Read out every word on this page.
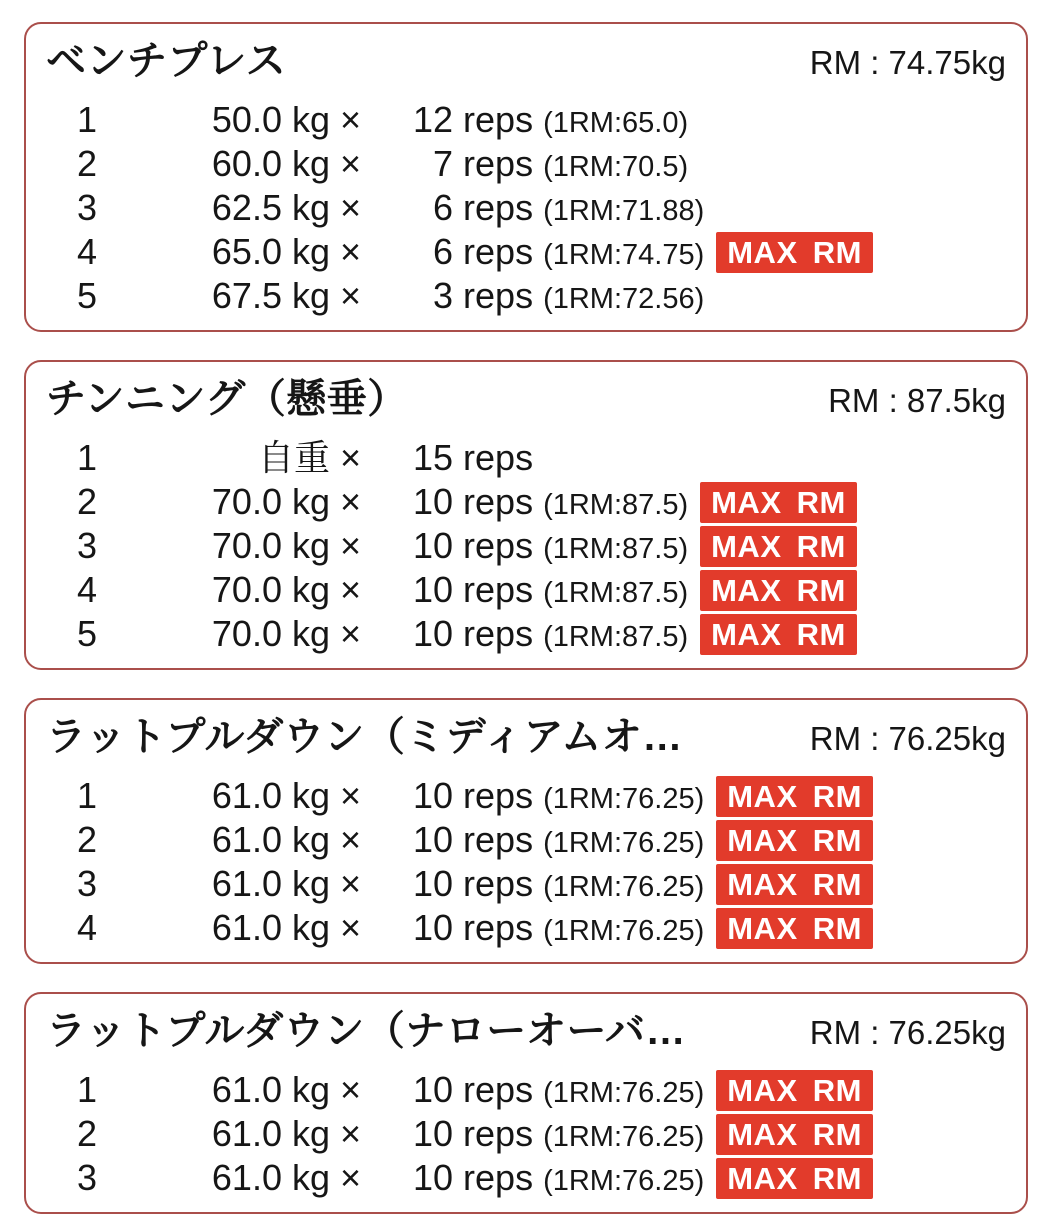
ベンチプレス	RM : 74.75kg
1	50.0 kg ×	12 reps (1RM:65.0)
2	60.0 kg ×	7 reps (1RM:70.5)
3	62.5 kg ×	6 reps (1RM:71.88)
4	65.0 kg ×	6 reps (1RM:74.75) MAX RM
5	67.5 kg ×	3 reps (1RM:72.56)
チンニング（懸垂）	RM : 87.5kg
1	自重 ×	15 reps
2	70.0 kg ×	10 reps (1RM:87.5) MAX RM
3	70.0 kg ×	10 reps (1RM:87.5) MAX RM
4	70.0 kg ×	10 reps (1RM:87.5) MAX RM
5	70.0 kg ×	10 reps (1RM:87.5) MAX RM
ラットプルダウン（ミディアムオ…	RM : 76.25kg
1	61.0 kg ×	10 reps (1RM:76.25) MAX RM
2	61.0 kg ×	10 reps (1RM:76.25) MAX RM
3	61.0 kg ×	10 reps (1RM:76.25) MAX RM
4	61.0 kg ×	10 reps (1RM:76.25) MAX RM
ラットプルダウン（ナローオーバ…	RM : 76.25kg
1	61.0 kg ×	10 reps (1RM:76.25) MAX RM
2	61.0 kg ×	10 reps (1RM:76.25) MAX RM
3	61.0 kg ×	10 reps (1RM:76.25) MAX RM
